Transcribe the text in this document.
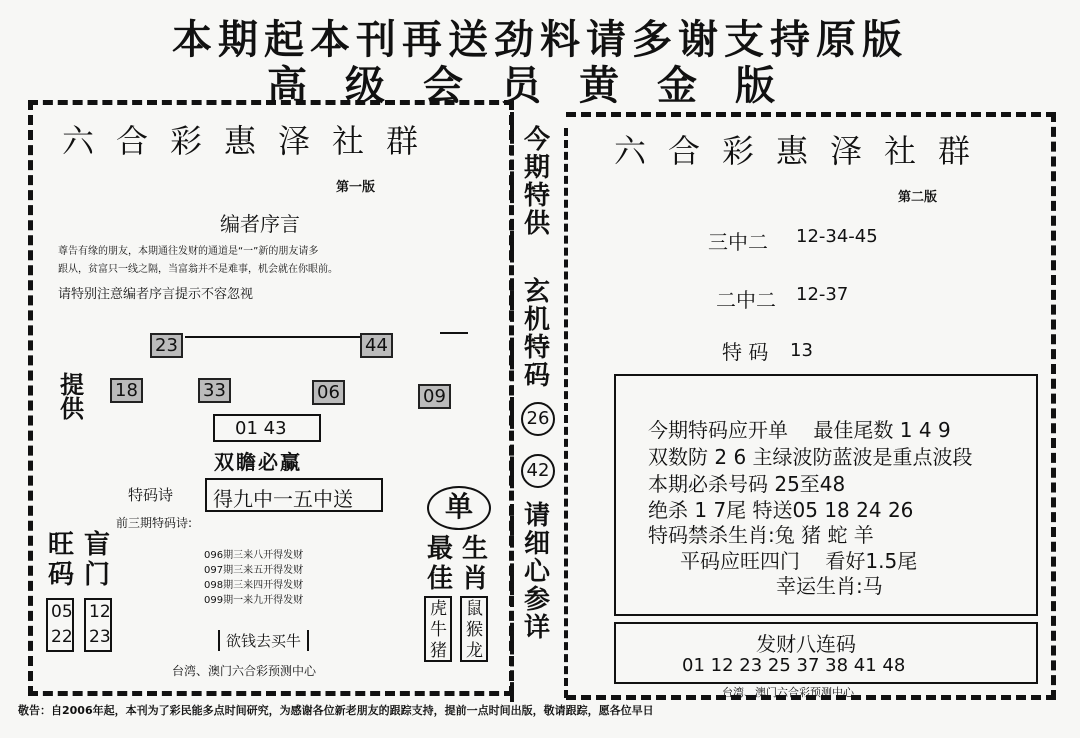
本期起本刊再送劲料请多谢支持原版
高级会员黄金版
六合彩惠泽社群
第一版
编者序言
尊告有缘的朋友，本期通往发财的通道是“一”新的朋友请多
跟从，贫富只一线之隔，当富翁并不是难事，机会就在你眼前。
请特别注意编者序言提示不容忽视
23	44
提供
18	33	06	09
01 43
双瞻必赢
特码诗 得九中一五中送
前三期特码诗:
096期三来八开得发财
097期三来五开得发财
098期三来四开得发财
099期一来九开得发财
旺码
盲门
05
22
12
23	欲钱去买牛
台湾、澳门六合彩预测中心
单
最佳
生肖
虎牛猪
鼠猴龙
今期特供
玄机特码
26
42
请细心参详
六合彩惠泽社群
第二版
三中二 12-34-45
二中二 12-37
特 码 13
今期特码应开单    最佳尾数 1 4 9
双数防 2 6 主绿波防蓝波是重点波段
本期必杀号码 25至48
绝杀 1 7尾 特送05 18 24 26
特码禁杀生肖:兔 猪 蛇 羊
平码应旺四门    看好1.5尾
幸运生肖:马
发财八连码
01 12 23 25 37 38 41 48
台湾、澳门六合彩预测中心
敬告：自2006年起，本刊为了彩民能多点时间研究，为感谢各位新老朋友的跟踪支持，提前一点时间出版，敬请跟踪，愿各位早日
